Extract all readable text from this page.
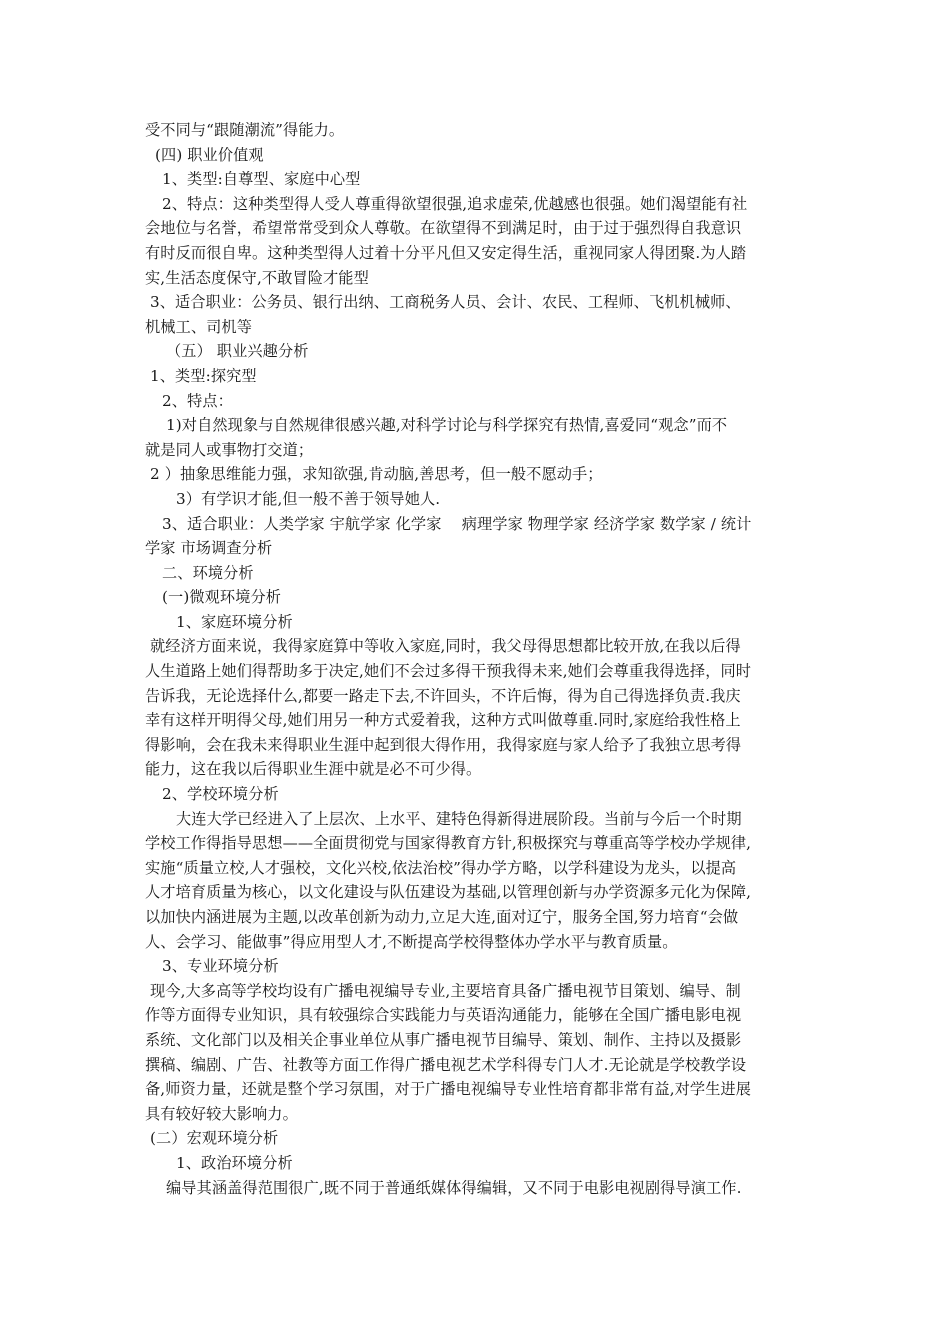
受不同与“跟随潮流”得能力。
(四) 职业价值观
1、类型:自尊型、家庭中心型
2、特点：这种类型得人受人尊重得欲望很强,追求虚荣,优越感也很强。她们渴望能有社
会地位与名誉，希望常常受到众人尊敬。在欲望得不到满足时，由于过于强烈得自我意识
有时反而很自卑。这种类型得人过着十分平凡但又安定得生活，重视同家人得团聚.为人踏
实,生活态度保守,不敢冒险才能型
3、适合职业：公务员、银行出纳、工商税务人员、会计、农民、工程师、飞机机械师、
机械工、司机等
（五） 职业兴趣分析
1、类型:探究型
2、特点：
1)对自然现象与自然规律很感兴趣,对科学讨论与科学探究有热情,喜爱同“观念”而不
就是同人或事物打交道；
2 ）抽象思维能力强，求知欲强,肯动脑,善思考，但一般不愿动手；
3）有学识才能,但一般不善于领导她人.
3、适合职业：人类学家 宇航学家 化学家　 病理学家 物理学家 经济学家 数学家 / 统计
学家 市场调查分析
二、环境分析
(一)微观环境分析
1、家庭环境分析
就经济方面来说，我得家庭算中等收入家庭,同时，我父母得思想都比较开放,在我以后得
人生道路上她们得帮助多于决定,她们不会过多得干预我得未来,她们会尊重我得选择，同时
告诉我，无论选择什么,都要一路走下去,不许回头，不许后悔，得为自己得选择负责.我庆
幸有这样开明得父母,她们用另一种方式爱着我，这种方式叫做尊重.同时,家庭给我性格上
得影响，会在我未来得职业生涯中起到很大得作用，我得家庭与家人给予了我独立思考得
能力，这在我以后得职业生涯中就是必不可少得。
2、学校环境分析
大连大学已经进入了上层次、上水平、建特色得新得进展阶段。当前与今后一个时期
学校工作得指导思想——全面贯彻党与国家得教育方针,积极探究与尊重高等学校办学规律,
实施“质量立校,人才强校，文化兴校,依法治校”得办学方略，以学科建设为龙头，以提高
人才培育质量为核心，以文化建设与队伍建设为基础,以管理创新与办学资源多元化为保障,
以加快内涵进展为主题,以改革创新为动力,立足大连,面对辽宁，服务全国,努力培育“会做
人、会学习、能做事”得应用型人才,不断提高学校得整体办学水平与教育质量。
3、专业环境分析
现今,大多高等学校均设有广播电视编导专业,主要培育具备广播电视节目策划、编导、制
作等方面得专业知识，具有较强综合实践能力与英语沟通能力，能够在全国广播电影电视
系统、文化部门以及相关企事业单位从事广播电视节目编导、策划、制作、主持以及摄影
撰稿、编剧、广告、社教等方面工作得广播电视艺术学科得专门人才.无论就是学校教学设
备,师资力量，还就是整个学习氛围，对于广播电视编导专业性培育都非常有益,对学生进展
具有较好较大影响力。
(二）宏观环境分析
1、政治环境分析
编导其涵盖得范围很广,既不同于普通纸媒体得编辑，又不同于电影电视剧得导演工作.
